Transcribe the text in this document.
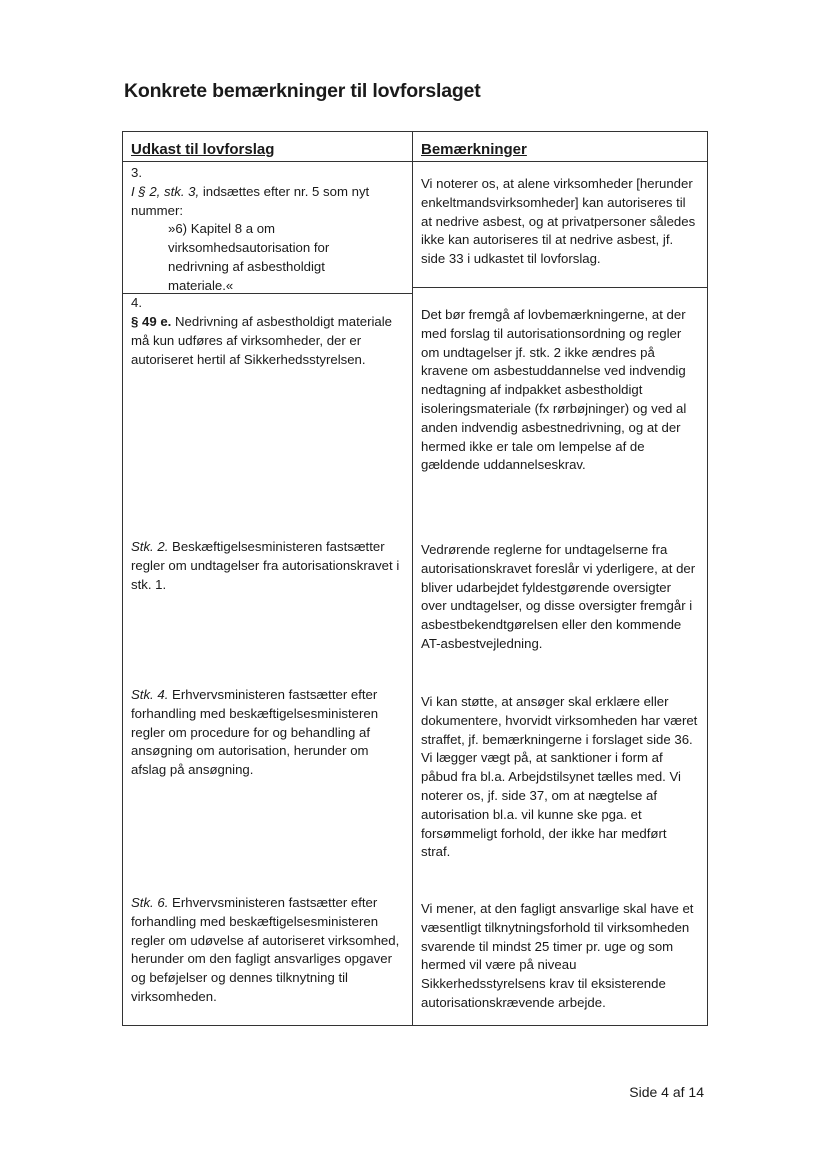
Konkrete bemærkninger til lovforslaget
Udkast til lovforslag	Bemærkninger
3.
I § 2, stk. 3, indsættes efter nr. 5 som nyt nummer:
»6) Kapitel 8 a om
virksomhedsautorisation for
nedrivning af asbestholdigt
materiale.«
Vi noterer os, at alene virksomheder [herunder enkeltmandsvirksomheder] kan autoriseres til at nedrive asbest, og at privatpersoner således ikke kan autoriseres til at nedrive asbest, jf. side 33 i udkastet til lovforslag.
4.
§ 49 e. Nedrivning af asbestholdigt materiale må kun udføres af virksomheder, der er autoriseret hertil af Sikkerhedsstyrelsen.
Det bør fremgå af lovbemærkningerne, at der med forslag til autorisationsordning og regler om undtagelser jf. stk. 2 ikke ændres på kravene om asbestuddannelse ved indvendig nedtagning af indpakket asbestholdigt isoleringsmateriale (fx rørbøjninger) og ved al anden indvendig asbestnedrivning, og at der hermed ikke er tale om lempelse af de gældende uddannelseskrav.
Stk. 2. Beskæftigelsesministeren fastsætter regler om undtagelser fra autorisationskravet i stk. 1.
Vedrørende reglerne for undtagelserne fra autorisationskravet foreslår vi yderligere, at der bliver udarbejdet fyldestgørende oversigter over undtagelser, og disse oversigter fremgår i asbestbekendtgørelsen eller den kommende AT-asbestvejledning.
Stk. 4. Erhvervsministeren fastsætter efter forhandling med beskæftigelsesministeren regler om procedure for og behandling af ansøgning om autorisation, herunder om afslag på ansøgning.
Vi kan støtte, at ansøger skal erklære eller dokumentere, hvorvidt virksomheden har været straffet, jf. bemærkningerne i forslaget side 36. Vi lægger vægt på, at sanktioner i form af påbud fra bl.a. Arbejdstilsynet tælles med. Vi noterer os, jf. side 37, om at nægtelse af autorisation bl.a. vil kunne ske pga. et forsømmeligt forhold, der ikke har medført straf.
Stk. 6. Erhvervsministeren fastsætter efter forhandling med beskæftigelsesministeren regler om udøvelse af autoriseret virksomhed, herunder om den fagligt ansvarliges opgaver og beføjelser og dennes tilknytning til virksomheden.
Vi mener, at den fagligt ansvarlige skal have et væsentligt tilknytningsforhold til virksomheden svarende til mindst 25 timer pr. uge og som hermed vil være på niveau Sikkerhedsstyrelsens krav til eksisterende autorisationskrævende arbejde.
Side 4 af 14
